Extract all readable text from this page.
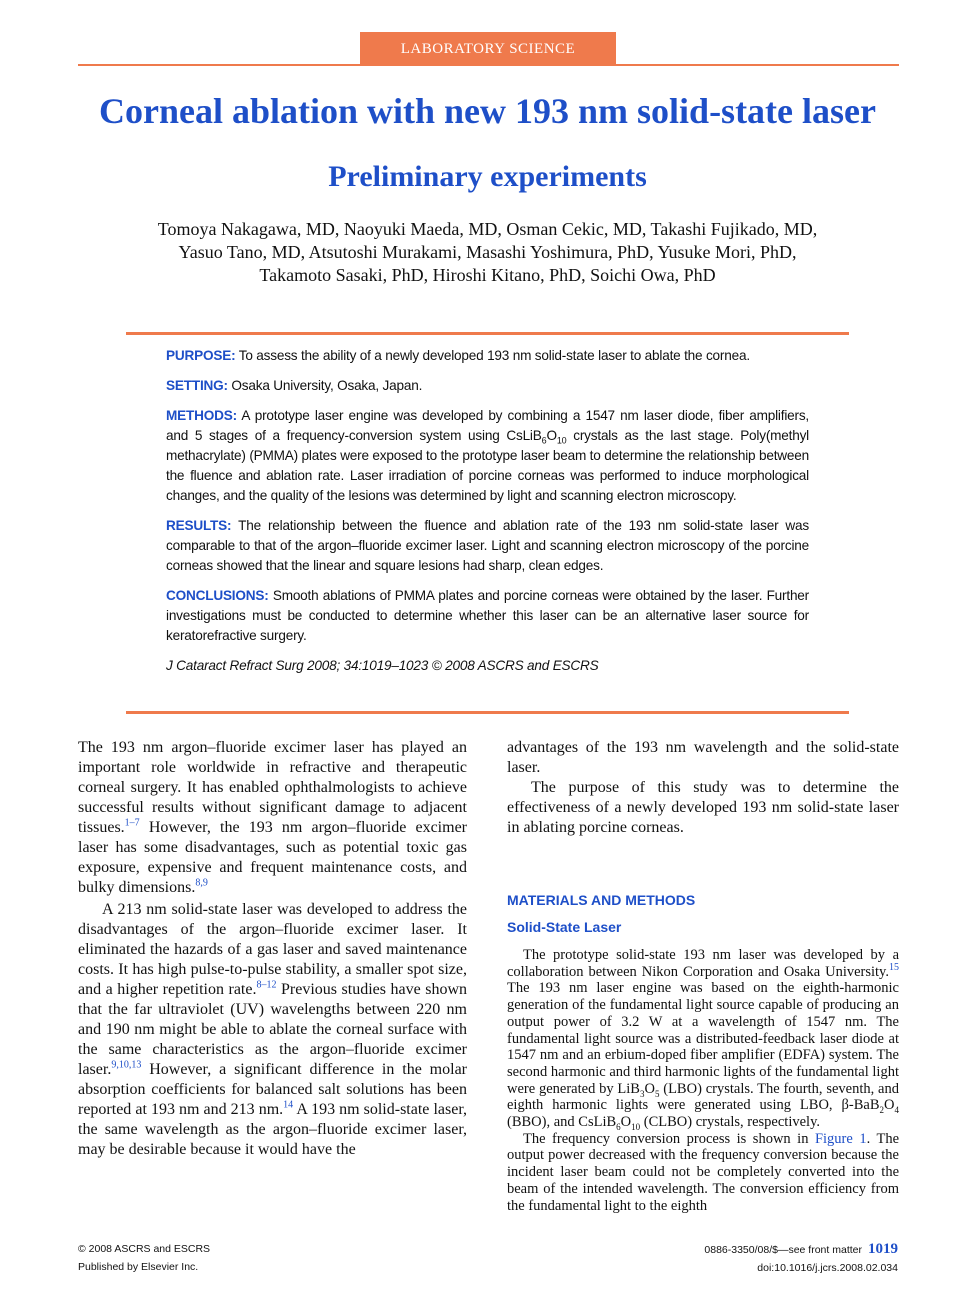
LABORATORY SCIENCE
Corneal ablation with new 193 nm solid-state laser
Preliminary experiments
Tomoya Nakagawa, MD, Naoyuki Maeda, MD, Osman Cekic, MD, Takashi Fujikado, MD,
Yasuo Tano, MD, Atsutoshi Murakami, Masashi Yoshimura, PhD, Yusuke Mori, PhD,
Takamoto Sasaki, PhD, Hiroshi Kitano, PhD, Soichi Owa, PhD

PURPOSE: To assess the ability of a newly developed 193 nm solid-state laser to ablate the cornea.

SETTING: Osaka University, Osaka, Japan.

METHODS: A prototype laser engine was developed by combining a 1547 nm laser diode, fiber amplifiers, and 5 stages of a frequency-conversion system using $CsLiB_6O_{10}$ crystals as the last stage. Poly(methyl methacrylate) (PMMA) plates were exposed to the prototype laser beam to determine the relationship between the fluence and ablation rate. Laser irradiation of porcine corneas was performed to induce morphological changes, and the quality of the lesions was determined by light and scanning electron microscopy.

RESULTS: The relationship between the fluence and ablation rate of the 193 nm solid-state laser was comparable to that of the argon–fluoride excimer laser. Light and scanning electron microscopy of the porcine corneas showed that the linear and square lesions had sharp, clean edges.

CONCLUSIONS: Smooth ablations of PMMA plates and porcine corneas were obtained by the laser. Further investigations must be conducted to determine whether this laser can be an alternative laser source for keratorefractive surgery.

J Cataract Refract Surg 2008; 34:1019–1023 © 2008 ASCRS and ESCRS

The 193 nm argon–fluoride excimer laser has played an important role worldwide in refractive and therapeutic corneal surgery. It has enabled ophthalmologists to achieve successful results without significant damage to adjacent tissues.$^{1-7}$ However, the 193 nm argon–fluoride excimer laser has some disadvantages, such as potential toxic gas exposure, expensive and frequent maintenance costs, and bulky dimensions.$^{8,9}$

A 213 nm solid-state laser was developed to address the disadvantages of the argon–fluoride excimer laser. It eliminated the hazards of a gas laser and saved maintenance costs. It has high pulse-to-pulse stability, a smaller spot size, and a higher repetition rate.$^{8-12}$ Previous studies have shown that the far ultraviolet (UV) wavelengths between 220 nm and 190 nm might be able to ablate the corneal surface with the same characteristics as the argon–fluoride excimer laser.$^{9,10,13}$ However, a significant difference in the molar absorption coefficients for balanced salt solutions has been reported at 193 nm and 213 nm.$^{14}$ A 193 nm solid-state laser, the same wavelength as the argon–fluoride excimer laser, may be desirable because it would have the

advantages of the 193 nm wavelength and the solid-state laser.

The purpose of this study was to determine the effectiveness of a newly developed 193 nm solid-state laser in ablating porcine corneas.

MATERIALS AND METHODS
Solid-State Laser

The prototype solid-state 193 nm laser was developed by a collaboration between Nikon Corporation and Osaka University.$^{15}$ The 193 nm laser engine was based on the eighth-harmonic generation of the fundamental light source capable of producing an output power of 3.2 W at a wavelength of 1547 nm. The fundamental light source was a distributed-feedback laser diode at 1547 nm and an erbium-doped fiber amplifier (EDFA) system. The second harmonic and third harmonic lights of the fundamental light were generated by $LiB_3O_5$ (LBO) crystals. The fourth, seventh, and eighth harmonic lights were generated using LBO, $\beta-BaB_2O_4$ (BBO), and $CsLiB_6O_{10}$ (CLBO) crystals, respectively.

The frequency conversion process is shown in Figure 1. The output power decreased with the frequency conversion because the incident laser beam could not be completely converted into the beam of the intended wavelength. The conversion efficiency from the fundamental light to the eighth

© 2008 ASCRS and ESCRS
Published by Elsevier Inc.
0886-3350/08/$—see front matter 1019
doi:10.1016/j.jcrs.2008.02.034
